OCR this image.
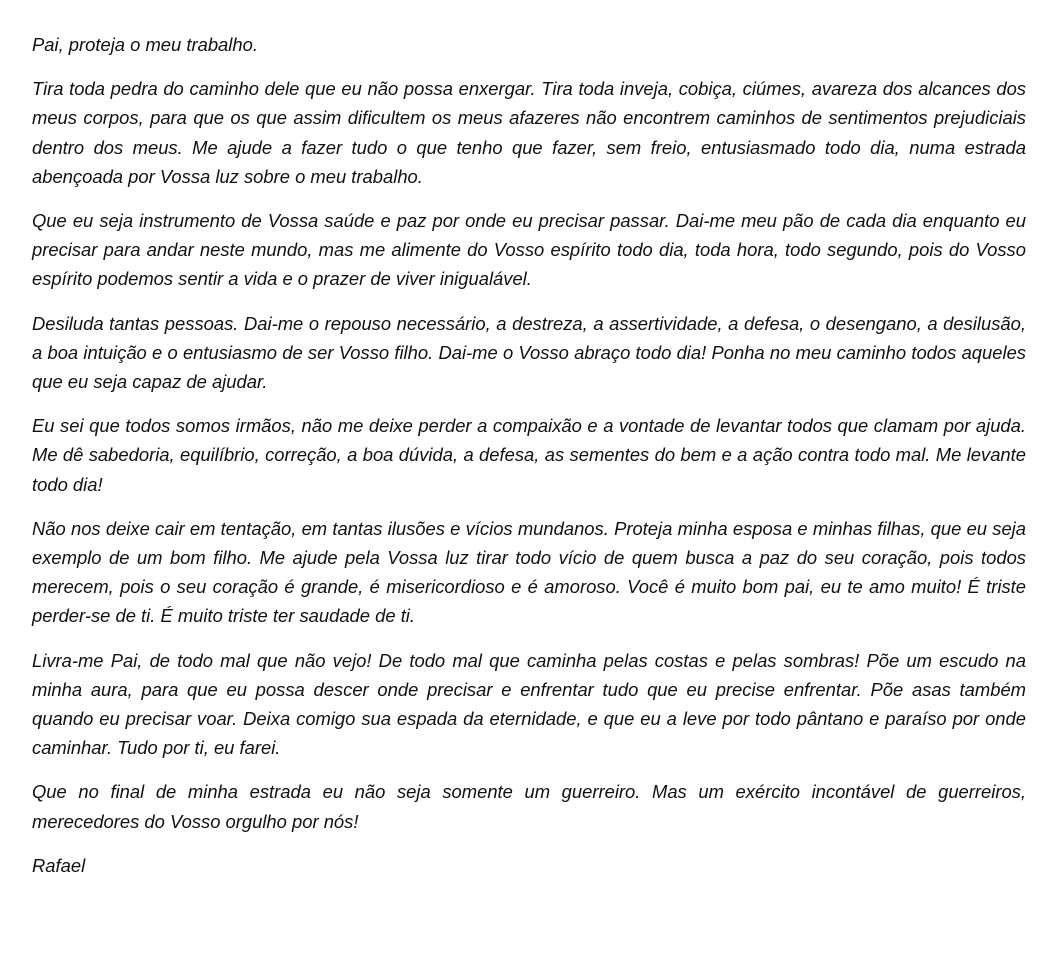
Pai, proteja o meu trabalho.

Tira toda pedra do caminho dele que eu não possa enxergar. Tira toda inveja, cobiça, ciúmes, avareza dos alcances dos meus corpos, para que os que assim dificultem os meus afazeres não encontrem caminhos de sentimentos prejudiciais dentro dos meus. Me ajude a fazer tudo o que tenho que fazer, sem freio, entusiasmado todo dia, numa estrada abençoada por Vossa luz sobre o meu trabalho.

Que eu seja instrumento de Vossa saúde e paz por onde eu precisar passar. Dai-me meu pão de cada dia enquanto eu precisar para andar neste mundo, mas me alimente do Vosso espírito todo dia, toda hora, todo segundo, pois do Vosso espírito podemos sentir a vida e o prazer de viver inigualável.

Desiluda tantas pessoas. Dai-me o repouso necessário, a destreza, a assertividade, a defesa, o desengano, a desilusão, a boa intuição e o entusiasmo de ser Vosso filho. Dai-me o Vosso abraço todo dia! Ponha no meu caminho todos aqueles que eu seja capaz de ajudar.

Eu sei que todos somos irmãos, não me deixe perder a compaixão e a vontade de levantar todos que clamam por ajuda. Me dê sabedoria, equilíbrio, correção, a boa dúvida, a defesa, as sementes do bem e a ação contra todo mal. Me levante todo dia!

Não nos deixe cair em tentação, em tantas ilusões e vícios mundanos. Proteja minha esposa e minhas filhas, que eu seja exemplo de um bom filho. Me ajude pela Vossa luz tirar todo vício de quem busca a paz do seu coração, pois todos merecem, pois o seu coração é grande, é misericordioso e é amoroso. Você é muito bom pai, eu te amo muito! É triste perder-se de ti. É muito triste ter saudade de ti.

Livra-me Pai, de todo mal que não vejo! De todo mal que caminha pelas costas e pelas sombras! Põe um escudo na minha aura, para que eu possa descer onde precisar e enfrentar tudo que eu precise enfrentar. Põe asas também quando eu precisar voar. Deixa comigo sua espada da eternidade, e que eu a leve por todo pântano e paraíso por onde caminhar. Tudo por ti, eu farei.

Que no final de minha estrada eu não seja somente um guerreiro. Mas um exército incontável de guerreiros, merecedores do Vosso orgulho por nós!

Rafael
